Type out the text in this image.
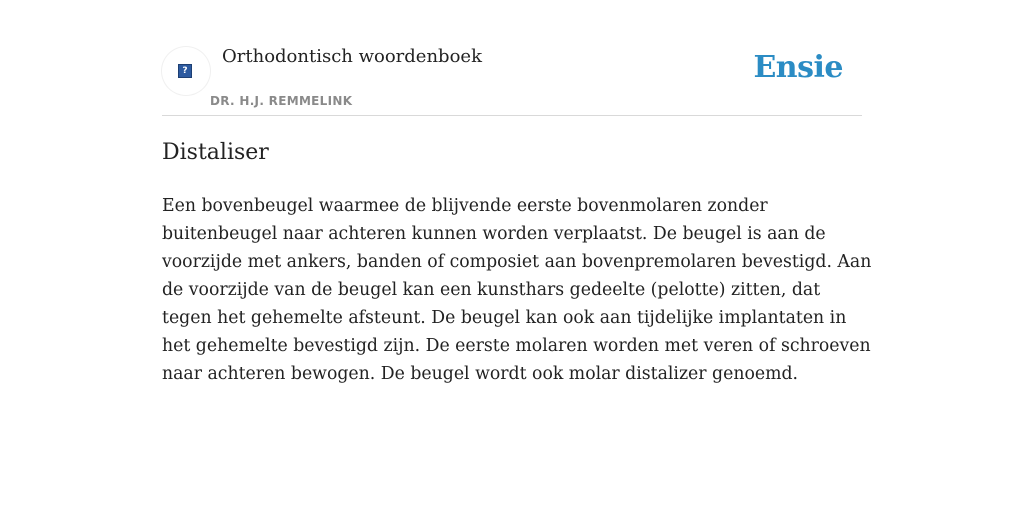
?
Orthodontisch woordenboek
DR. H.J. REMMELINK
Ensie
Distaliser

Een bovenbeugel waarmee de blijvende eerste bovenmolaren zonder buitenbeugel naar achteren kunnen worden verplaatst. De beugel is aan de voorzijde met ankers, banden of composiet aan bovenpremolaren bevestigd. Aan de voorzijde van de beugel kan een kunsthars gedeelte (pelotte) zitten, dat tegen het gehemelte afsteunt. De beugel kan ook aan tijdelijke implantaten in het gehemelte bevestigd zijn. De eerste molaren worden met veren of schroeven naar achteren bewogen. De beugel wordt ook molar distalizer genoemd.
